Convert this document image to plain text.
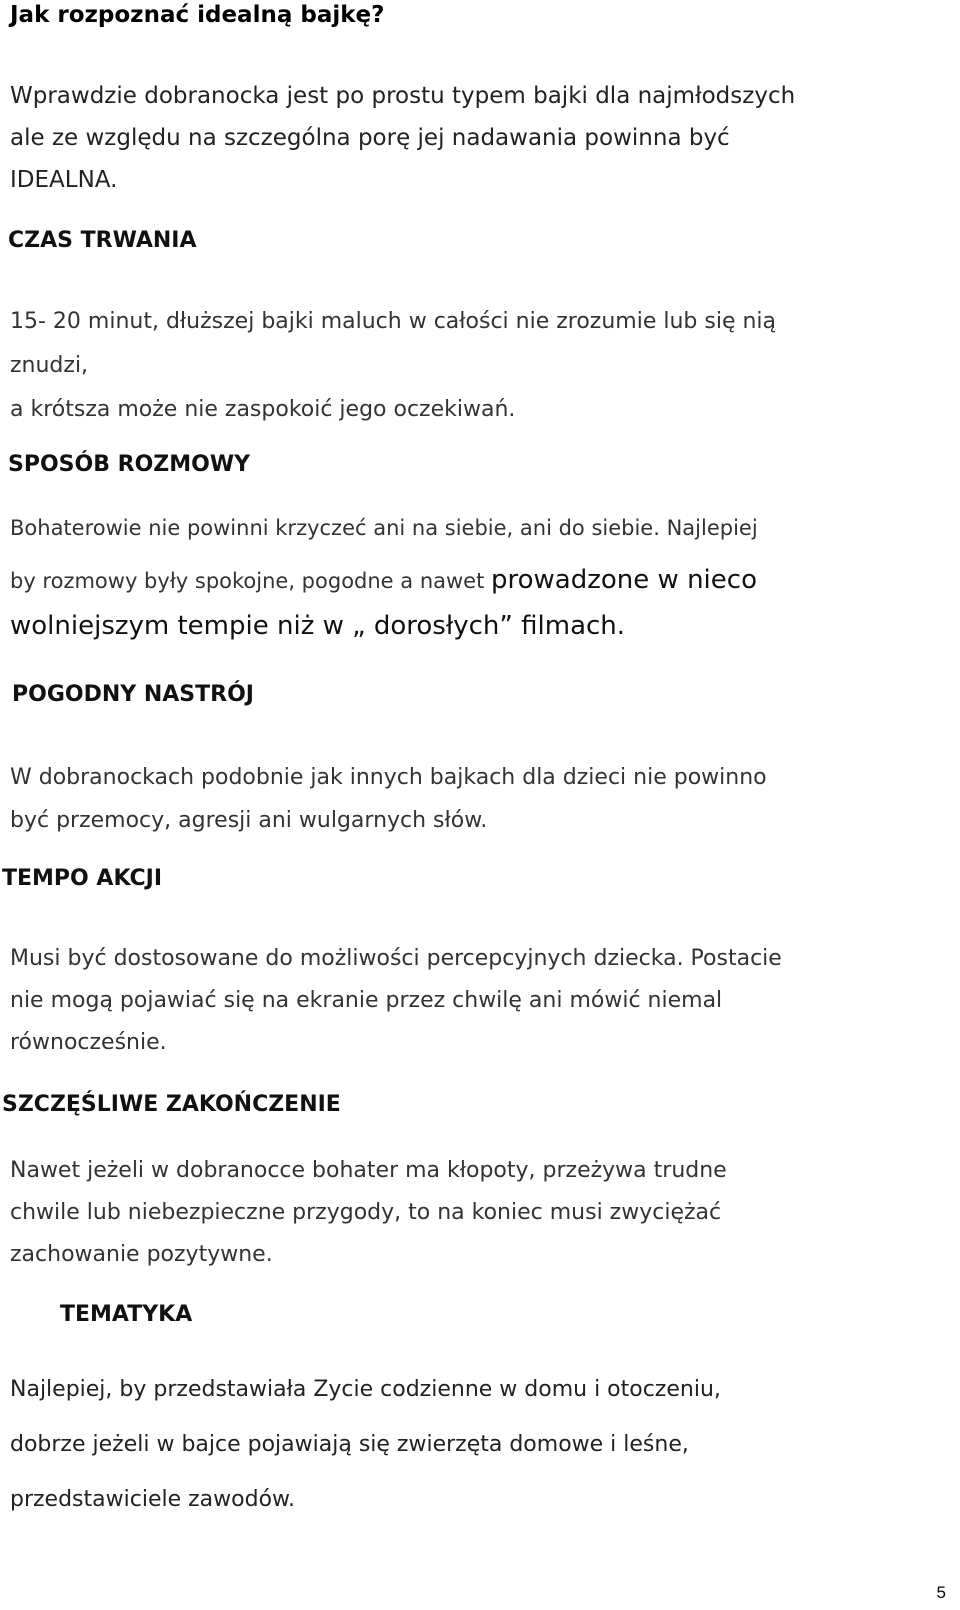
Jak rozpoznać idealną bajkę?
Wprawdzie dobranocka jest po prostu typem bajki dla najmłodszych
ale ze względu na szczególna porę jej nadawania powinna być
IDEALNA.
CZAS TRWANIA
15- 20 minut, dłuższej bajki maluch w całości nie zrozumie lub się nią
znudzi,
a krótsza może nie zaspokoić jego oczekiwań.
SPOSÓB ROZMOWY
Bohaterowie nie powinni krzyczeć ani na siebie, ani do siebie. Najlepiej
by rozmowy były spokojne, pogodne a nawet prowadzone w nieco
wolniejszym tempie niż w „ dorosłych” filmach.
POGODNY NASTRÓJ
W dobranockach podobnie jak innych bajkach dla dzieci nie powinno
być przemocy, agresji ani wulgarnych słów.
TEMPO AKCJI
Musi być dostosowane do możliwości percepcyjnych dziecka. Postacie
nie mogą pojawiać się na ekranie przez chwilę ani mówić niemal
równocześnie.
SZCZĘŚLIWE ZAKOŃCZENIE
Nawet jeżeli w dobranocce bohater ma kłopoty, przeżywa trudne
chwile lub niebezpieczne przygody, to na koniec musi zwyciężać
zachowanie pozytywne.
TEMATYKA
Najlepiej, by przedstawiała Zycie codzienne w domu i otoczeniu,
dobrze jeżeli w bajce pojawiają się zwierzęta domowe i leśne,
przedstawiciele zawodów.
5
